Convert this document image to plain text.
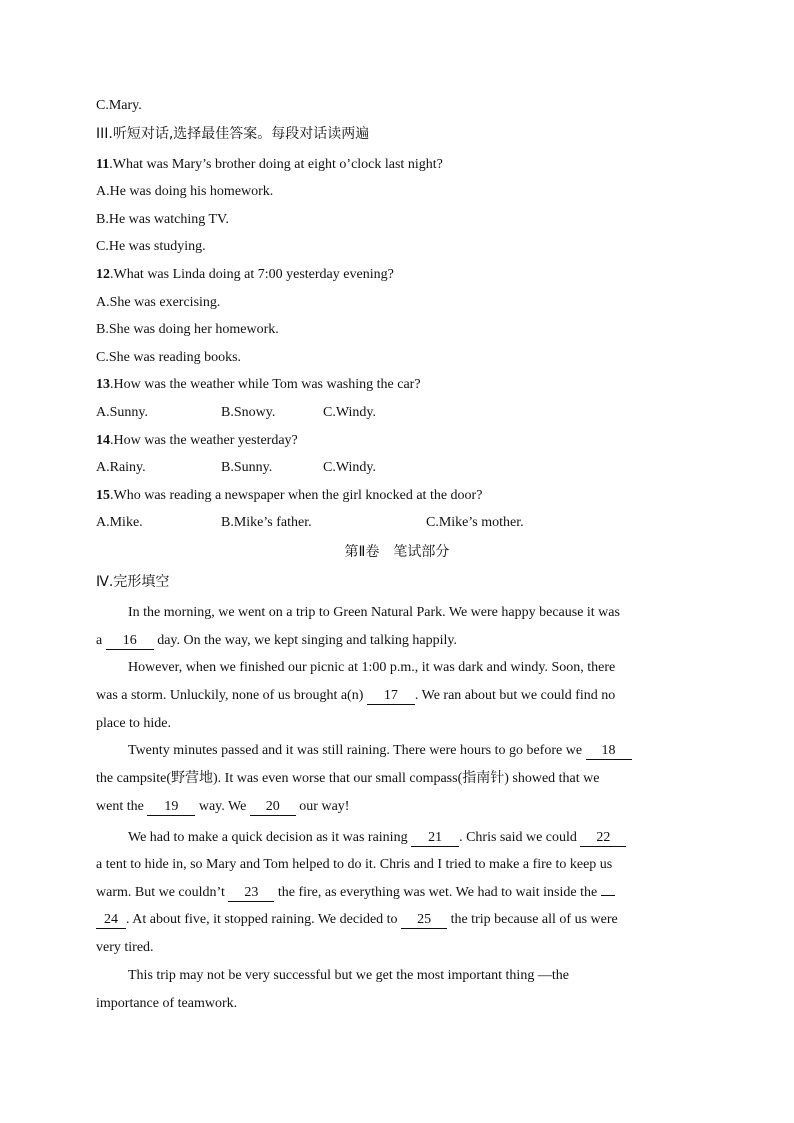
C.Mary.
III.听短对话,选择最佳答案。每段对话读两遍
11.What was Mary’s brother doing at eight o’clock last night?
A.He was doing his homework.
B.He was watching TV.
C.He was studying.
12.What was Linda doing at 7:00 yesterday evening?
A.She was exercising.
B.She was doing her homework.
C.She was reading books.
13.How was the weather while Tom was washing the car?
A.Sunny.	B.Snowy.	C.Windy.
14.How was the weather yesterday?
A.Rainy.	B.Sunny.	C.Windy.
15.Who was reading a newspaper when the girl knocked at the door?
A.Mike.	B.Mike’s father.	C.Mike’s mother.
第Ⅱ卷　笔试部分
Ⅳ.完形填空
In the morning, we went on a trip to Green Natural Park. We were happy because it was
a 16 day. On the way, we kept singing and talking happily.
However, when we finished our picnic at 1:00 p.m., it was dark and windy. Soon, there
was a storm. Unluckily, none of us brought a(n) 17 . We ran about but we could find no
place to hide.
Twenty minutes passed and it was still raining. There were hours to go before we 18
the campsite(野营地). It was even worse that our small compass(指南针) showed that we
went the 19 way. We 20 our way!
We had to make a quick decision as it was raining 21 . Chris said we could 22
a tent to hide in, so Mary and Tom helped to do it. Chris and I tried to make a fire to keep us
warm. But we couldn’t 23 the fire, as everything was wet. We had to wait inside the
24 . At about five, it stopped raining. We decided to 25 the trip because all of us were
very tired.
This trip may not be very successful but we get the most important thing —the
importance of teamwork.
